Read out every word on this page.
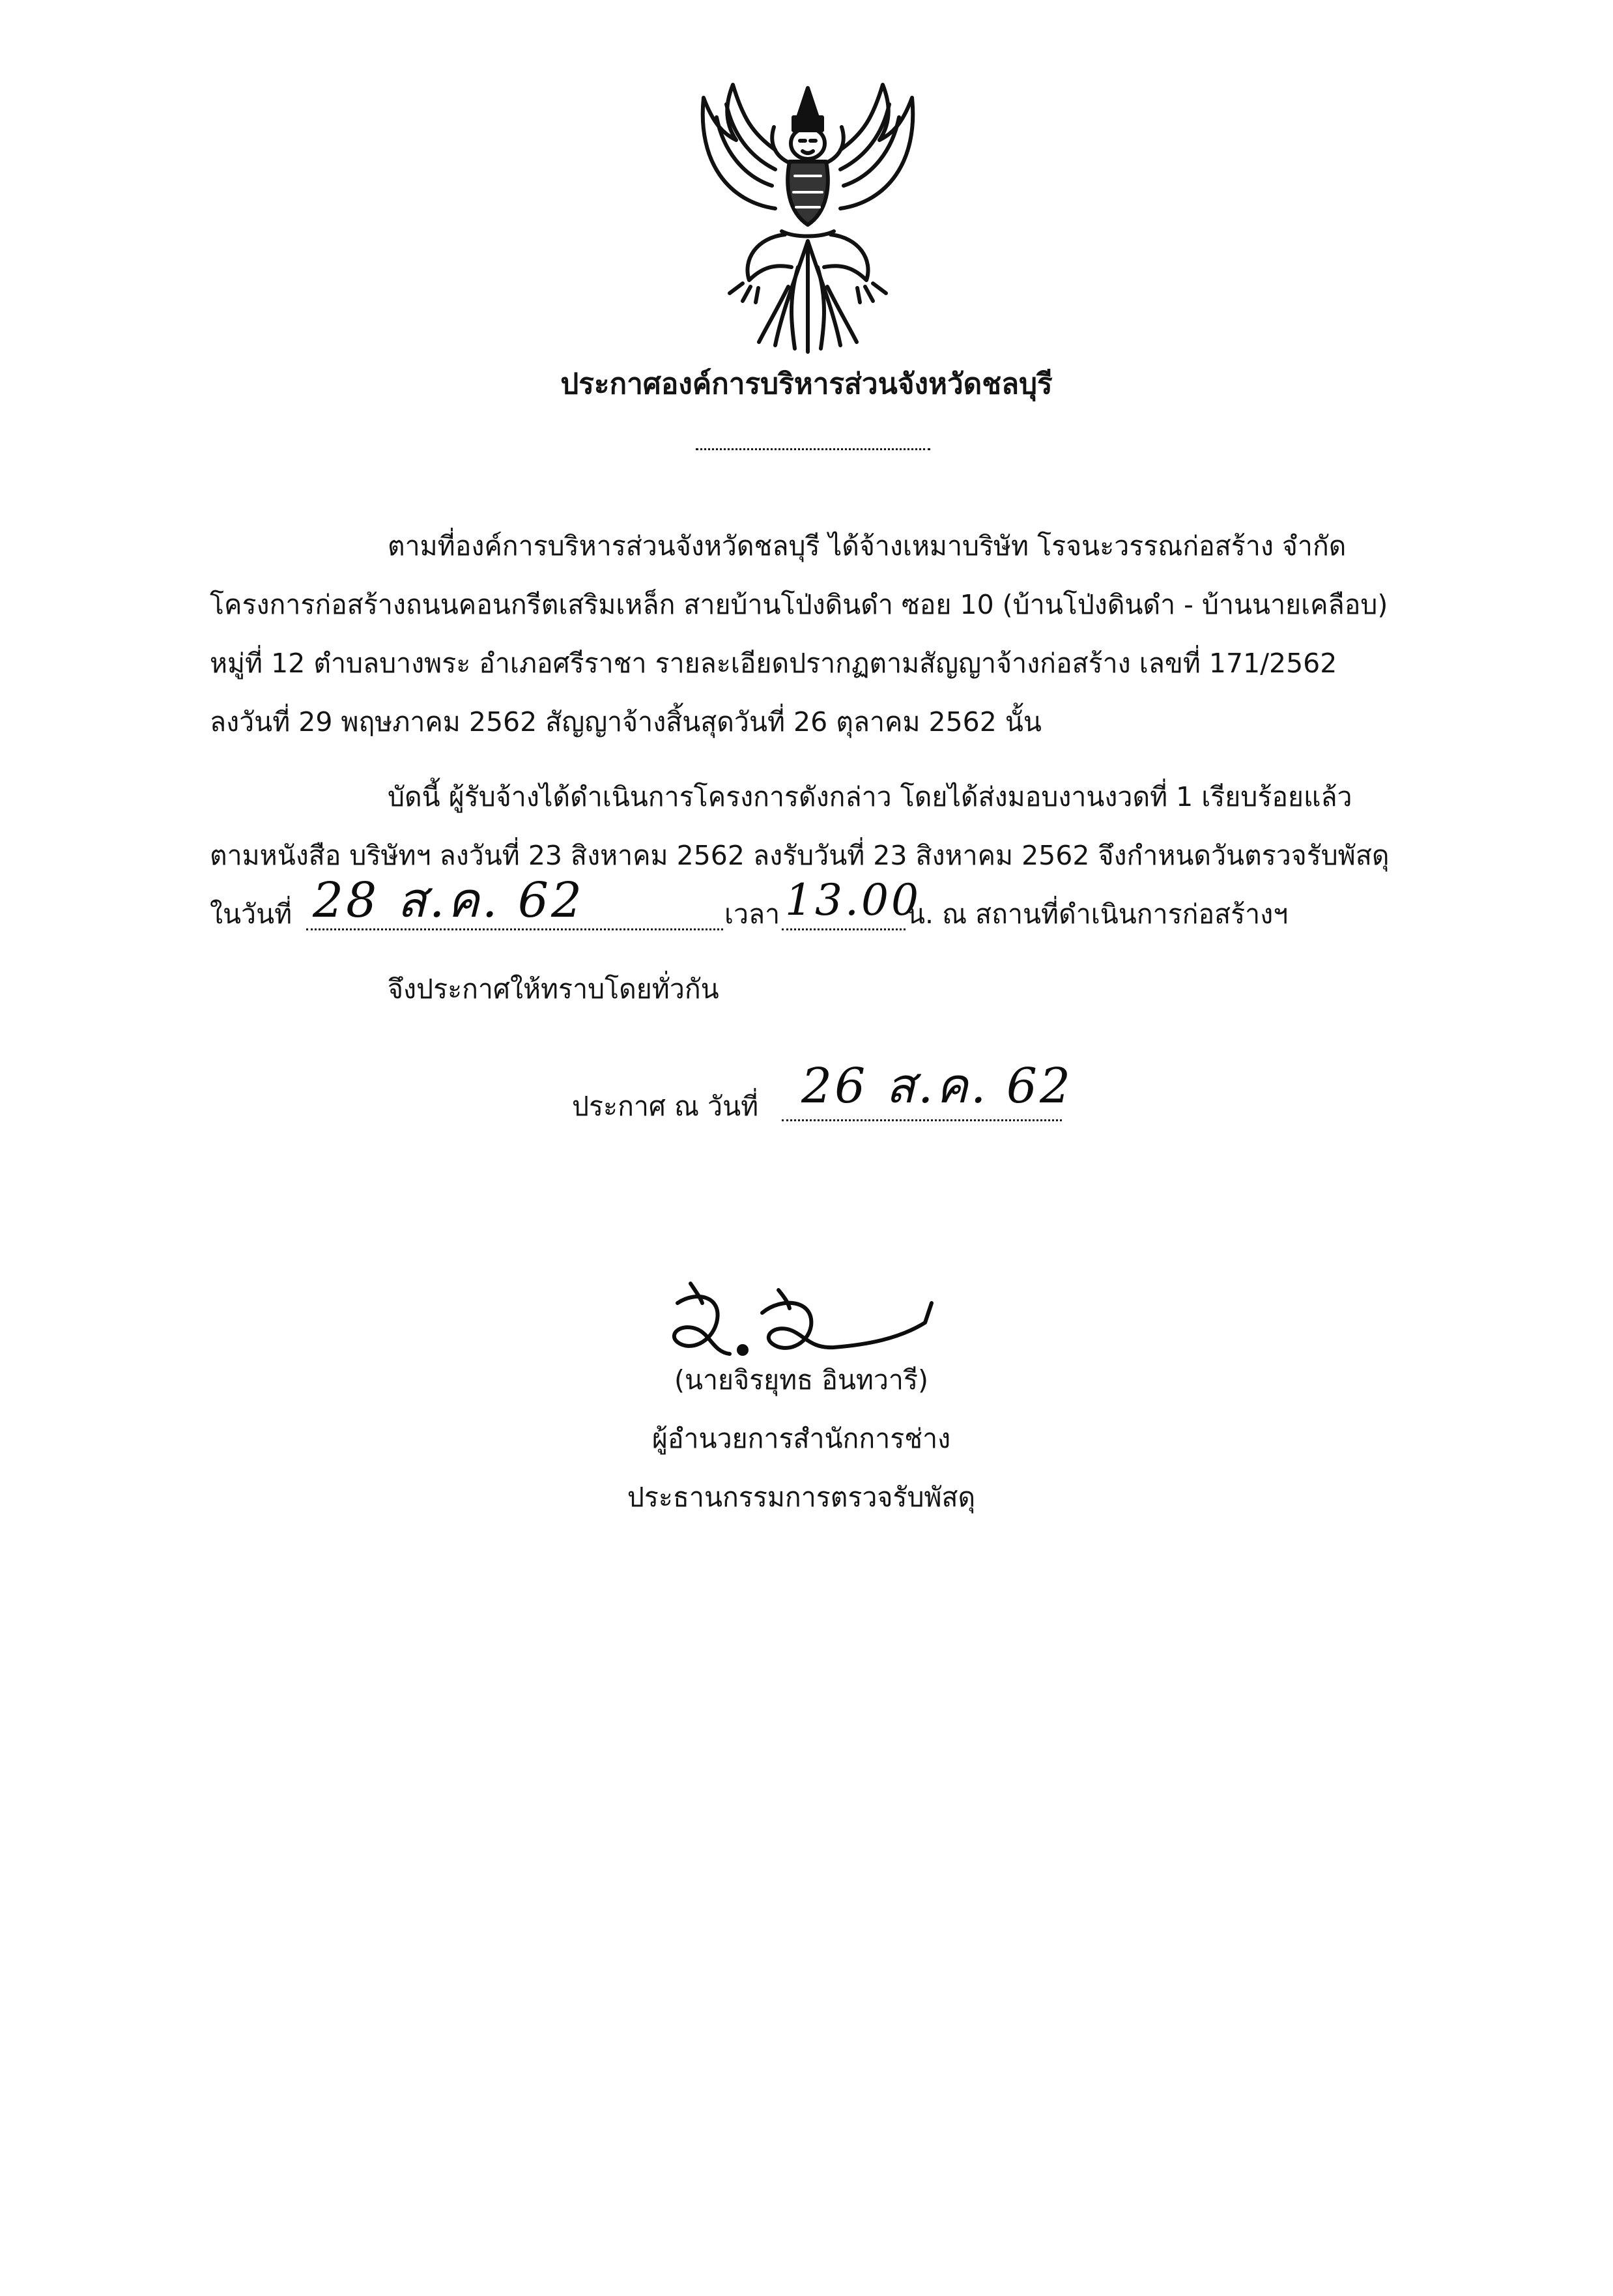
ประกาศองค์การบริหารส่วนจังหวัดชลบุรี
ตามที่องค์การบริหารส่วนจังหวัดชลบุรี ได้จ้างเหมาบริษัท โรจนะวรรณก่อสร้าง จำกัด
โครงการก่อสร้างถนนคอนกรีตเสริมเหล็ก สายบ้านโป่งดินดำ ซอย 10 (บ้านโป่งดินดำ - บ้านนายเคลือบ)
หมู่ที่ 12 ตำบลบางพระ อำเภอศรีราชา รายละเอียดปรากฏตามสัญญาจ้างก่อสร้าง เลขที่ 171/2562
ลงวันที่ 29 พฤษภาคม 2562 สัญญาจ้างสิ้นสุดวันที่ 26 ตุลาคม 2562 นั้น
บัดนี้ ผู้รับจ้างได้ดำเนินการโครงการดังกล่าว โดยได้ส่งมอบงานงวดที่ 1 เรียบร้อยแล้ว
ตามหนังสือ บริษัทฯ ลงวันที่ 23 สิงหาคม 2562 ลงรับวันที่ 23 สิงหาคม 2562 จึงกำหนดวันตรวจรับพัสดุ
ในวันที่ 28 ส.ค. 62	เวลา 13.00
น. ณ สถานที่ดำเนินการก่อสร้างฯ
จึงประกาศให้ทราบโดยทั่วกัน
ประกาศ ณ วันที่ 26 ส.ค. 62
(นายจิรยุทธ อินทวารี)
ผู้อำนวยการสำนักการช่าง
ประธานกรรมการตรวจรับพัสดุ
